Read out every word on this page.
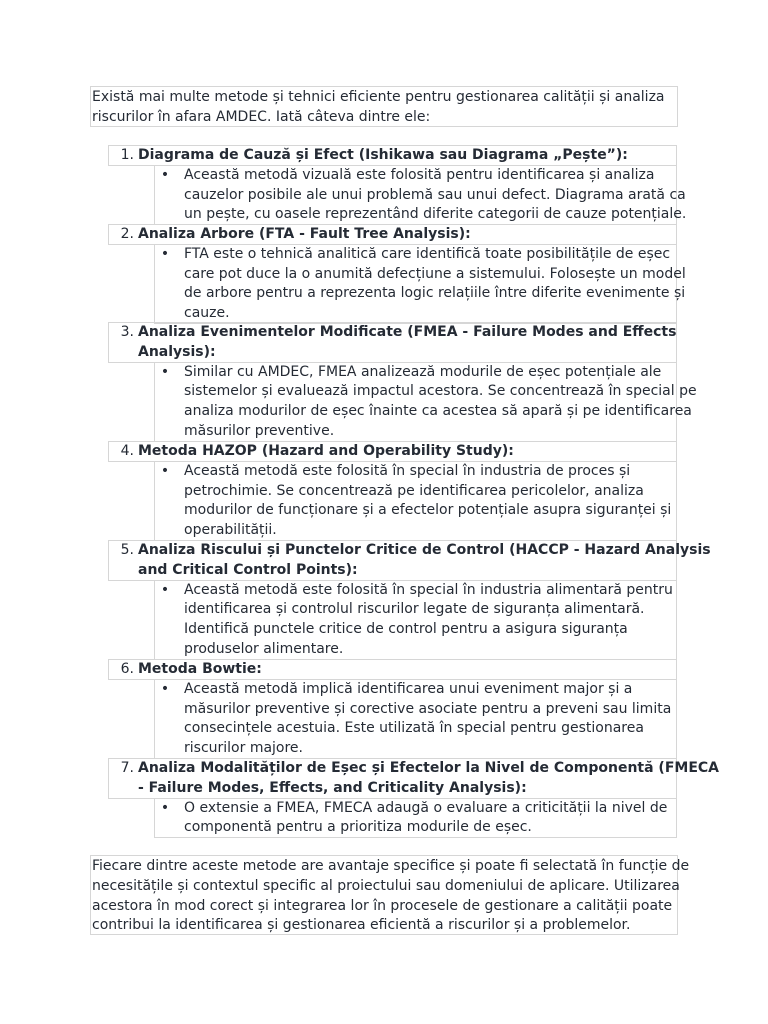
Există mai multe metode și tehnici eficiente pentru gestionarea calității și analiza
riscurilor în afara AMDEC. Iată câteva dintre ele:
1. Diagrama de Cauză și Efect (Ishikawa sau Diagrama „Pește”):
• Această metodă vizuală este folosită pentru identificarea și analiza
cauzelor posibile ale unui problemă sau unui defect. Diagrama arată ca
un pește, cu oasele reprezentând diferite categorii de cauze potențiale.
2. Analiza Arbore (FTA - Fault Tree Analysis):
• FTA este o tehnică analitică care identifică toate posibilitățile de eșec
care pot duce la o anumită defecțiune a sistemului. Folosește un model
de arbore pentru a reprezenta logic relațiile între diferite evenimente și
cauze.
3. Analiza Evenimentelor Modificate (FMEA - Failure Modes and Effects
Analysis):
• Similar cu AMDEC, FMEA analizează modurile de eșec potențiale ale
sistemelor și evaluează impactul acestora. Se concentrează în special pe
analiza modurilor de eșec înainte ca acestea să apară și pe identificarea
măsurilor preventive.
4. Metoda HAZOP (Hazard and Operability Study):
• Această metodă este folosită în special în industria de proces și
petrochimie. Se concentrează pe identificarea pericolelor, analiza
modurilor de funcționare și a efectelor potențiale asupra siguranței și
operabilității.
5. Analiza Riscului și Punctelor Critice de Control (HACCP - Hazard Analysis
and Critical Control Points):
• Această metodă este folosită în special în industria alimentară pentru
identificarea și controlul riscurilor legate de siguranța alimentară.
Identifică punctele critice de control pentru a asigura siguranța
produselor alimentare.
6. Metoda Bowtie:
• Această metodă implică identificarea unui eveniment major și a
măsurilor preventive și corective asociate pentru a preveni sau limita
consecințele acestuia. Este utilizată în special pentru gestionarea
riscurilor majore.
7. Analiza Modalităților de Eșec și Efectelor la Nivel de Componentă (FMECA
- Failure Modes, Effects, and Criticality Analysis):
• O extensie a FMEA, FMECA adaugă o evaluare a criticității la nivel de
componentă pentru a prioritiza modurile de eșec.
Fiecare dintre aceste metode are avantaje specifice și poate fi selectată în funcție de
necesitățile și contextul specific al proiectului sau domeniului de aplicare. Utilizarea
acestora în mod corect și integrarea lor în procesele de gestionare a calității poate
contribui la identificarea și gestionarea eficientă a riscurilor și a problemelor.
